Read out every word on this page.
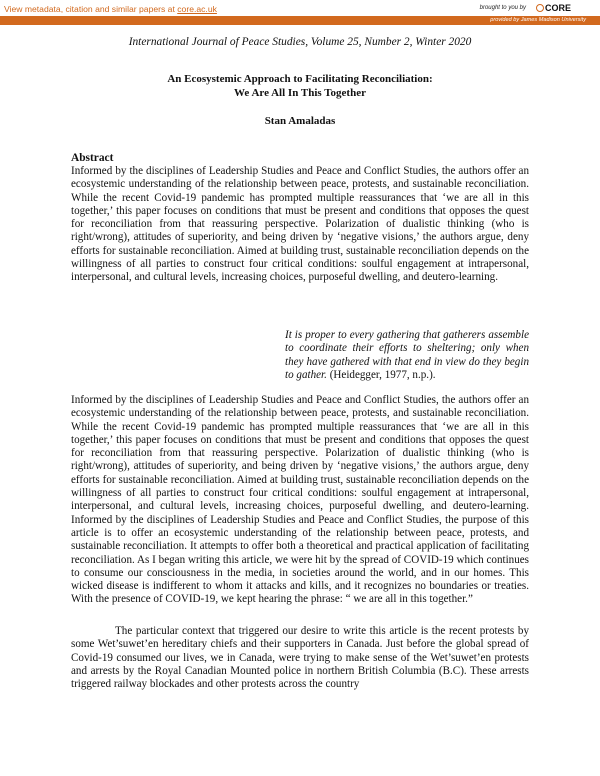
View metadata, citation and similar papers at core.ac.uk	brought to you by	CORE
provided by James Madison University
International Journal of Peace Studies, Volume 25, Number 2, Winter 2020
An Ecosystemic Approach to Facilitating Reconciliation:
We Are All In This Together
Stan Amaladas
Abstract

Informed by the disciplines of Leadership Studies and Peace and Conflict Studies, the authors offer an ecosystemic understanding of the relationship between peace, protests, and sustainable reconciliation. While the recent Covid-19 pandemic has prompted multiple reassurances that ‘we are all in this together,’ this paper focuses on conditions that must be present and conditions that opposes the quest for reconciliation from that reassuring perspective. Polarization of dualistic thinking (who is right/wrong), attitudes of superiority, and being driven by ‘negative visions,’ the authors argue, deny efforts for sustainable reconciliation. Aimed at building trust, sustainable reconciliation depends on the willingness of all parties to construct four critical conditions: soulful engagement at intrapersonal, interpersonal, and cultural levels, increasing choices, purposeful dwelling, and deutero-learning.

It is proper to every gathering that gatherers assemble to coordinate their efforts to sheltering; only when they have gathered with that end in view do they begin to gather. (Heidegger, 1977, n.p.).

Informed by the disciplines of Leadership Studies and Peace and Conflict Studies, the authors offer an ecosystemic understanding of the relationship between peace, protests, and sustainable reconciliation. While the recent Covid-19 pandemic has prompted multiple reassurances that ‘we are all in this together,’ this paper focuses on conditions that must be present and conditions that opposes the quest for reconciliation from that reassuring perspective. Polarization of dualistic thinking (who is right/wrong), attitudes of superiority, and being driven by ‘negative visions,’ the authors argue, deny efforts for sustainable reconciliation. Aimed at building trust, sustainable reconciliation depends on the willingness of all parties to construct four critical conditions: soulful engagement at intrapersonal, interpersonal, and cultural levels, increasing choices, purposeful dwelling, and deutero-learning. Informed by the disciplines of Leadership Studies and Peace and Conflict Studies, the purpose of this article is to offer an ecosystemic understanding of the relationship between peace, protests, and sustainable reconciliation. It attempts to offer both a theoretical and practical application of facilitating reconciliation. As I began writing this article, we were hit by the spread of COVID-19 which continues to consume our consciousness in the media, in societies around the world, and in our homes. This wicked disease is indifferent to whom it attacks and kills, and it recognizes no boundaries or treaties. With the presence of COVID-19, we kept hearing the phrase: “ we are all in this together.”

The particular context that triggered our desire to write this article is the recent protests by some Wet’suwet’en hereditary chiefs and their supporters in Canada. Just before the global spread of Covid-19 consumed our lives, we in Canada, were trying to make sense of the Wet’suwet’en protests and arrests by the Royal Canadian Mounted police in northern British Columbia (B.C). These arrests triggered railway blockades and other protests across the country
